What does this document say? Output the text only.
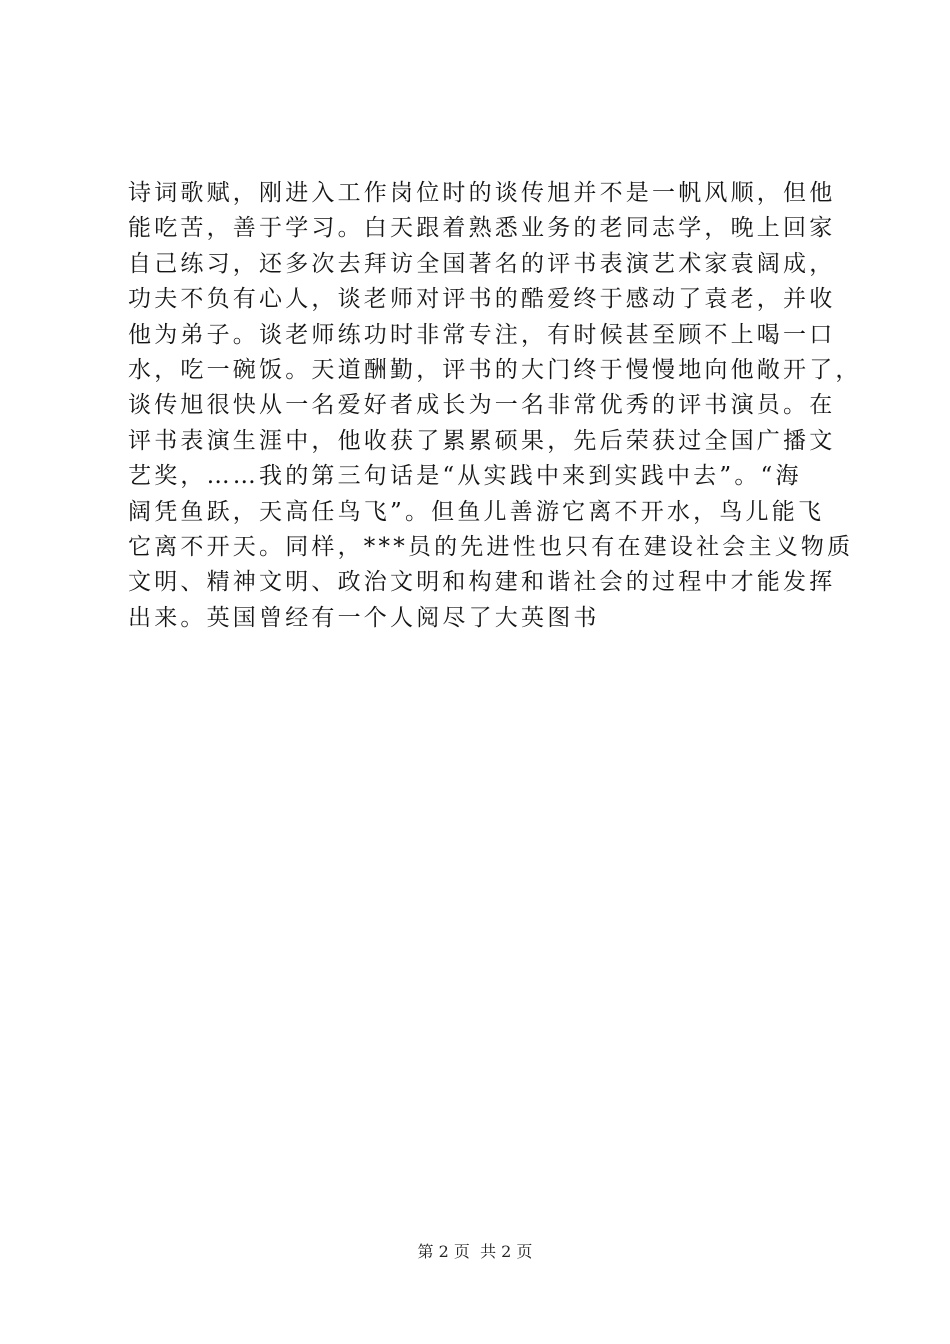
诗词歌赋，刚进入工作岗位时的谈传旭并不是一帆风顺，但他
能吃苦，善于学习。白天跟着熟悉业务的老同志学，晚上回家
自己练习，还多次去拜访全国著名的评书表演艺术家袁阔成，
功夫不负有心人，谈老师对评书的酷爱终于感动了袁老，并收
他为弟子。谈老师练功时非常专注，有时候甚至顾不上喝一口
水，吃一碗饭。天道酬勤，评书的大门终于慢慢地向他敞开了，
谈传旭很快从一名爱好者成长为一名非常优秀的评书演员。在
评书表演生涯中，他收获了累累硕果，先后荣获过全国广播文
艺奖，……我的第三句话是“从实践中来到实践中去”。“海
阔凭鱼跃，天高任鸟飞”。但鱼儿善游它离不开水，鸟儿能飞
它离不开天。同样，***员的先进性也只有在建设社会主义物质
文明、精神文明、政治文明和构建和谐社会的过程中才能发挥
出来。英国曾经有一个人阅尽了大英图书
第 2 页  共 2 页
